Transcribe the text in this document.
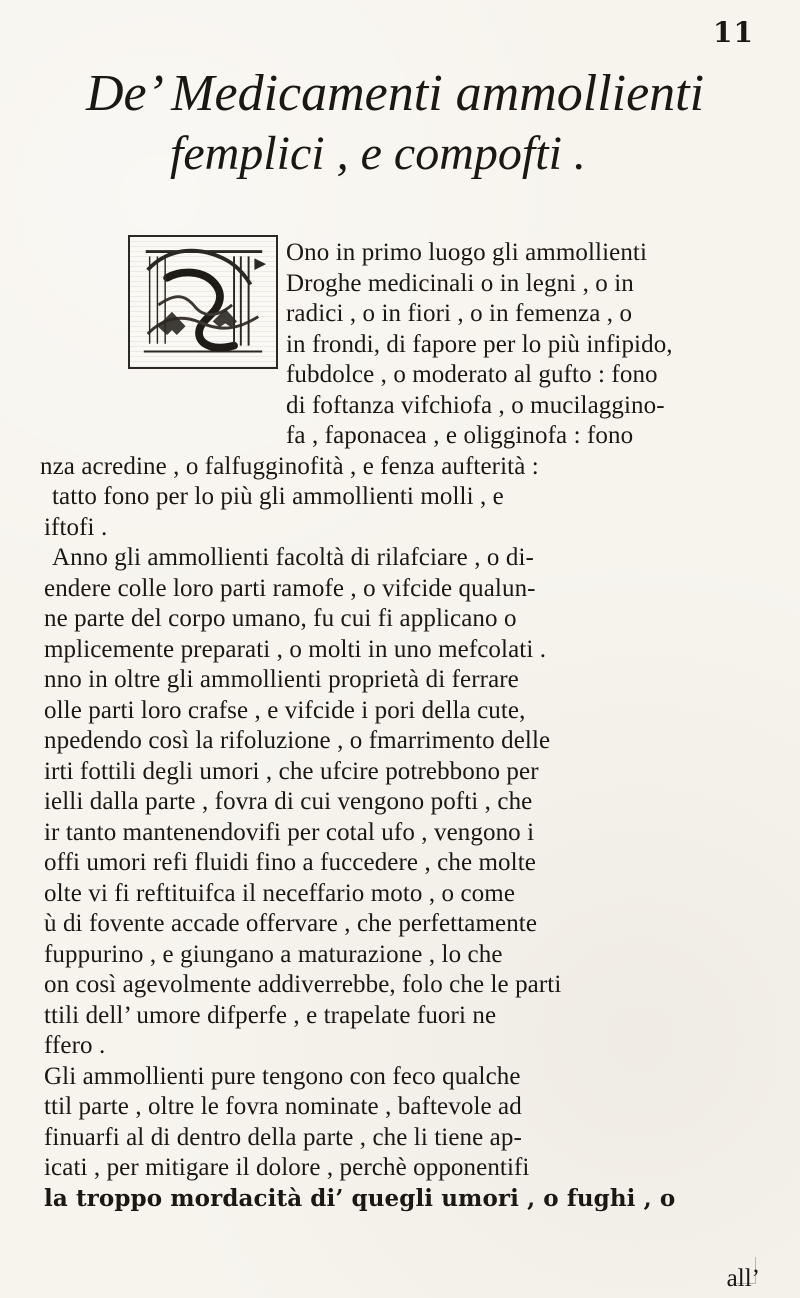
11
De’ Medicamenti ammollienti
femplici , e compofti .
Ono in primo luogo gli ammollienti
Droghe medicinali o in legni , o in
radici , o in fiori , o in femenza , o
in frondi, di fapore per lo più infipido,
fubdolce , o moderato al gufto : fono
di foftanza vifchiofa , o mucilaggino-
fa , faponacea , e oligginofa : fono
nza acredine , o falfugginofità , e fenza aufterità :
tatto fono per lo più gli ammollienti molli , e
iftofi .
Anno gli ammollienti facoltà di rilafciare , o di-
endere colle loro parti ramofe , o vifcide qualun-
ne parte del corpo umano, fu cui fi applicano o
mplicemente preparati , o molti in uno mefcolati .
nno in oltre gli ammollienti proprietà di ferrare
olle parti loro crafse , e vifcide i pori della cute,
npedendo così la rifoluzione , o fmarrimento delle
irti fottili degli umori , che ufcire potrebbono per
ielli dalla parte , fovra di cui vengono pofti , che
ir tanto mantenendovifi per cotal ufo , vengono i
offi umori refi fluidi fino a fuccedere , che molte
olte vi fi reftituifca il neceffario moto , o come
ù di fovente accade offervare , che perfettamente
fuppurino , e giungano a maturazione , lo che
on così agevolmente addiverrebbe, folo che le parti
ttili dell’ umore difperfe , e trapelate fuori ne
ffero .
Gli ammollienti pure tengono con feco qualche
ttil parte , oltre le fovra nominate , baftevole ad
finuarfi al di dentro della parte , che li tiene ap-
icati , per mitigare il dolore , perchè opponentifi
la troppo mordacità di’ quegli umori , o fughi , o
all’
